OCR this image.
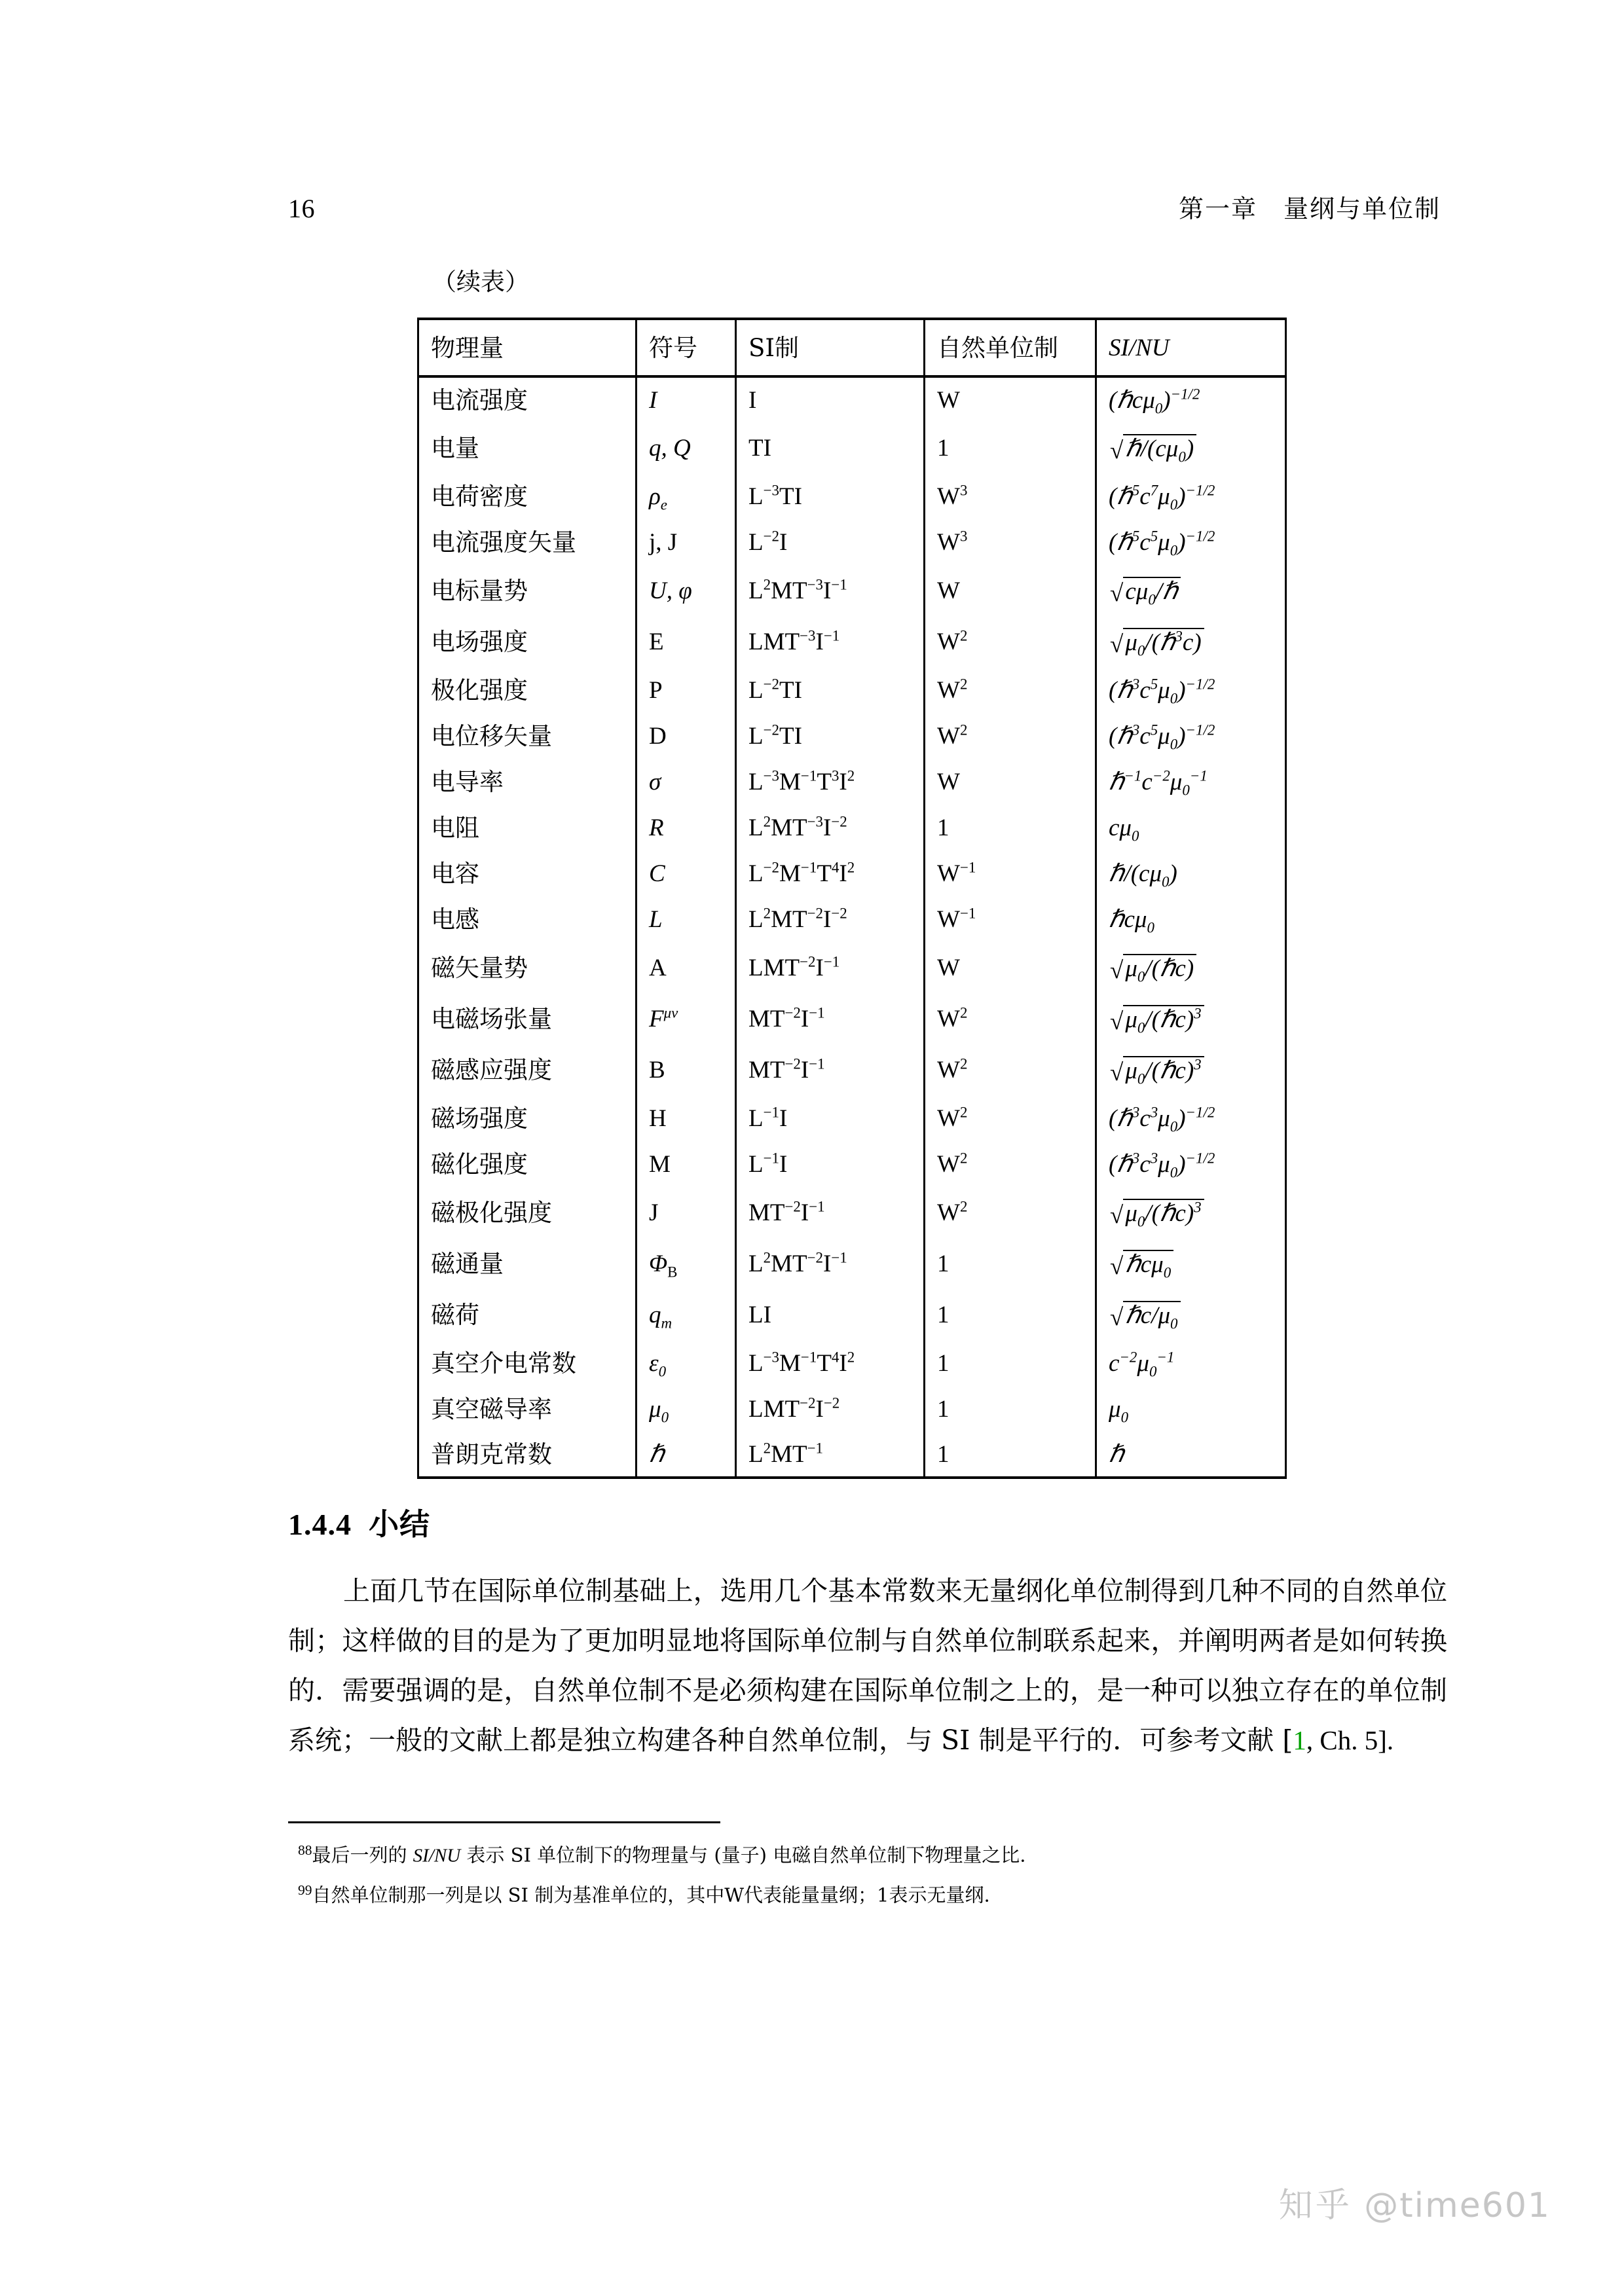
16	第一章　量纲与单位制
（续表）
物理量	符号	SI制	自然单位制	SI/NU
电流强度	I	I	W	(ℏcμ$_0$)$^{-1/2}$
电量	q, Q	TI	1	$√\hbar/(c\mu_0)$
电荷密度	$\rho_e$	$L^{-3}TI$	$W^3$	$(\hbar^5c^7\mu_0)^{-1/2}$
电流强度矢量	j, J	$L^{-2}I$	$W^3$	$(\hbar^5c^5\mu_0)^{-1/2}$
电标量势	U, φ	$L^2MT^{-3}I^{-1}$	W	$√c\mu_0/\hbar$
电场强度	E	$LMT^{-3}I^{-1}$	$W^2$	$√\mu_0/(\hbar^3c)$
极化强度	P	$L^{-2}TI$	$W^2$	$(\hbar^3c^5\mu_0)^{-1/2}$
电位移矢量	D	$L^{-2}TI$	$W^2$	$(\hbar^3c^5\mu_0)^{-1/2}$
电导率	σ	$L^{-3}M^{-1}T^3I^2$	W	$\hbar^{-1}c^{-2}\mu_0^{-1}$
电阻	R	$L^2MT^{-3}I^{-2}$	1	$c\mu_0$
电容	C	$L^{-2}M^{-1}T^4I^2$	$W^{-1}$	$\hbar/(c\mu_0)$
电感	L	$L^2MT^{-2}I^{-2}$	$W^{-1}$	ℏcμ$_0$
磁矢量势	A	$LMT^{-2}I^{-1}$	W	$√\mu_0/(\hbar c)$
电磁场张量	$F^{\mu\nu}$	$MT^{-2}I^{-1}$	$W^2$	$√\mu_0/(\hbar c)^3$
磁感应强度	B	$MT^{-2}I^{-1}$	$W^2$	$√\mu_0/(\hbar c)^3$
磁场强度	H	$L^{-1}I$	$W^2$	$(\hbar^3c^3\mu_0)^{-1/2}$
磁化强度	M	$L^{-1}I$	$W^2$	$(\hbar^3c^3\mu_0)^{-1/2}$
磁极化强度	J	$MT^{-2}I^{-1}$	$W^2$	$√\mu_0/(\hbar c)^3$
磁通量	$\Phi_B$	$L^2MT^{-2}I^{-1}$	1	√ℏcμ$_0$
磁荷	$q_m$	LI	1	$√\hbar c/\mu_0$
真空介电常数	$\varepsilon_0$	$L^{-3}M^{-1}T^4I^2$	1	$c^{-2}\mu_0^{-1}$
真空磁导率	$\mu_0$	$LMT^{-2}I^{-2}$	1	$\mu_0$
普朗克常数	ℏ	$L^2MT^{-1}$	1	ℏ
1.4.4 小结
上面几节在国际单位制基础上，选用几个基本常数来无量纲化单位制得到几种不同的自然单位制；这样做的目的是为了更加明显地将国际单位制与自然单位制联系起来，并阐明两者是如何转换的．需要强调的是，自然单位制不是必须构建在国际单位制之上的，是一种可以独立存在的单位制系统；一般的文献上都是独立构建各种自然单位制，与 SI 制是平行的．可参考文献 [1, Ch. 5].
$^{88}$最后一列的 SI/NU 表示 SI 单位制下的物理量与 (量子) 电磁自然单位制下物理量之比.
$^{99}$自然单位制那一列是以 SI 制为基准单位的，其中W代表能量量纲；1表示无量纲.
知乎 @time601
